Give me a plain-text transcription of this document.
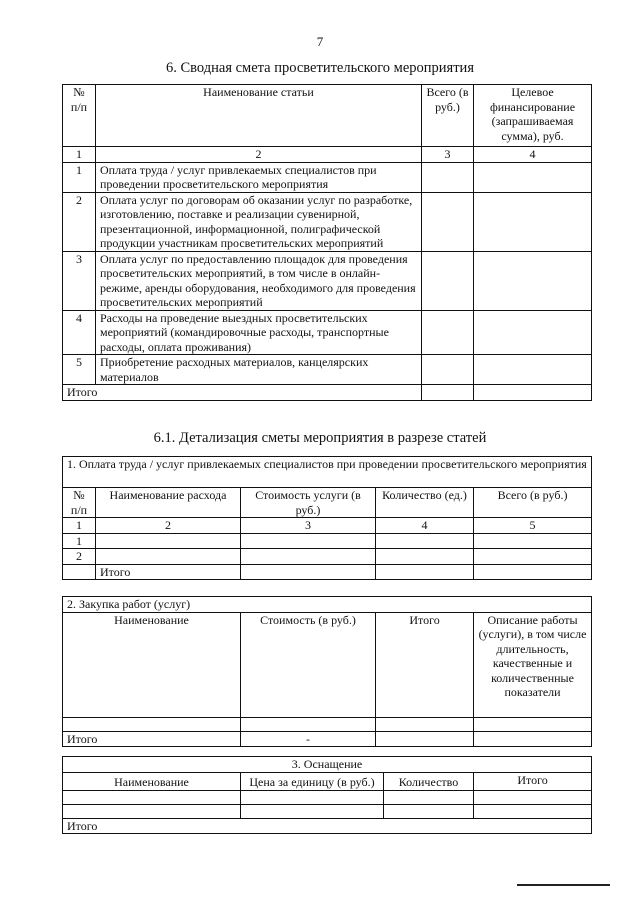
7
6. Сводная смета просветительского мероприятия
№ п/п	Наименование статьи	Всего (в руб.)	Целевое финансирование (запрашиваемая сумма), руб.
1	2	3	4
1	Оплата труда / услуг привлекаемых специалистов при проведении просветительского мероприятия		
2	Оплата услуг по договорам об оказании услуг по разработке, изготовлению, поставке и реализации сувенирной, презентационной, информационной, полиграфической продукции участникам просветительских мероприятий		
3	Оплата услуг по предоставлению площадок для проведения просветительских мероприятий, в том числе в онлайн-режиме, аренды оборудования, необходимого для проведения просветительских мероприятий		
4	Расходы на проведение выездных просветительских мероприятий (командировочные расходы, транспортные расходы, оплата проживания)		
5	Приобретение расходных материалов, канцелярских материалов		
Итого			
6.1. Детализация сметы мероприятия в разрезе статей
1. Оплата труда / услуг привлекаемых специалистов при проведении просветительского мероприятия				
№ п/п	Наименование расхода	Стоимость услуги (в руб.)	Количество (ед.)	Всего (в руб.)
1	2	3	4	5
1				
2				
	Итого			
2. Закупка работ (услуг)			
Наименование	Стоимость (в руб.)	Итого	Описание работы (услуги), в том числе длительность, качественные и количественные показатели

Итого	-		
3. Оснащение			
Наименование	Цена за единицу (в руб.)	Количество	Итого

Итого			
